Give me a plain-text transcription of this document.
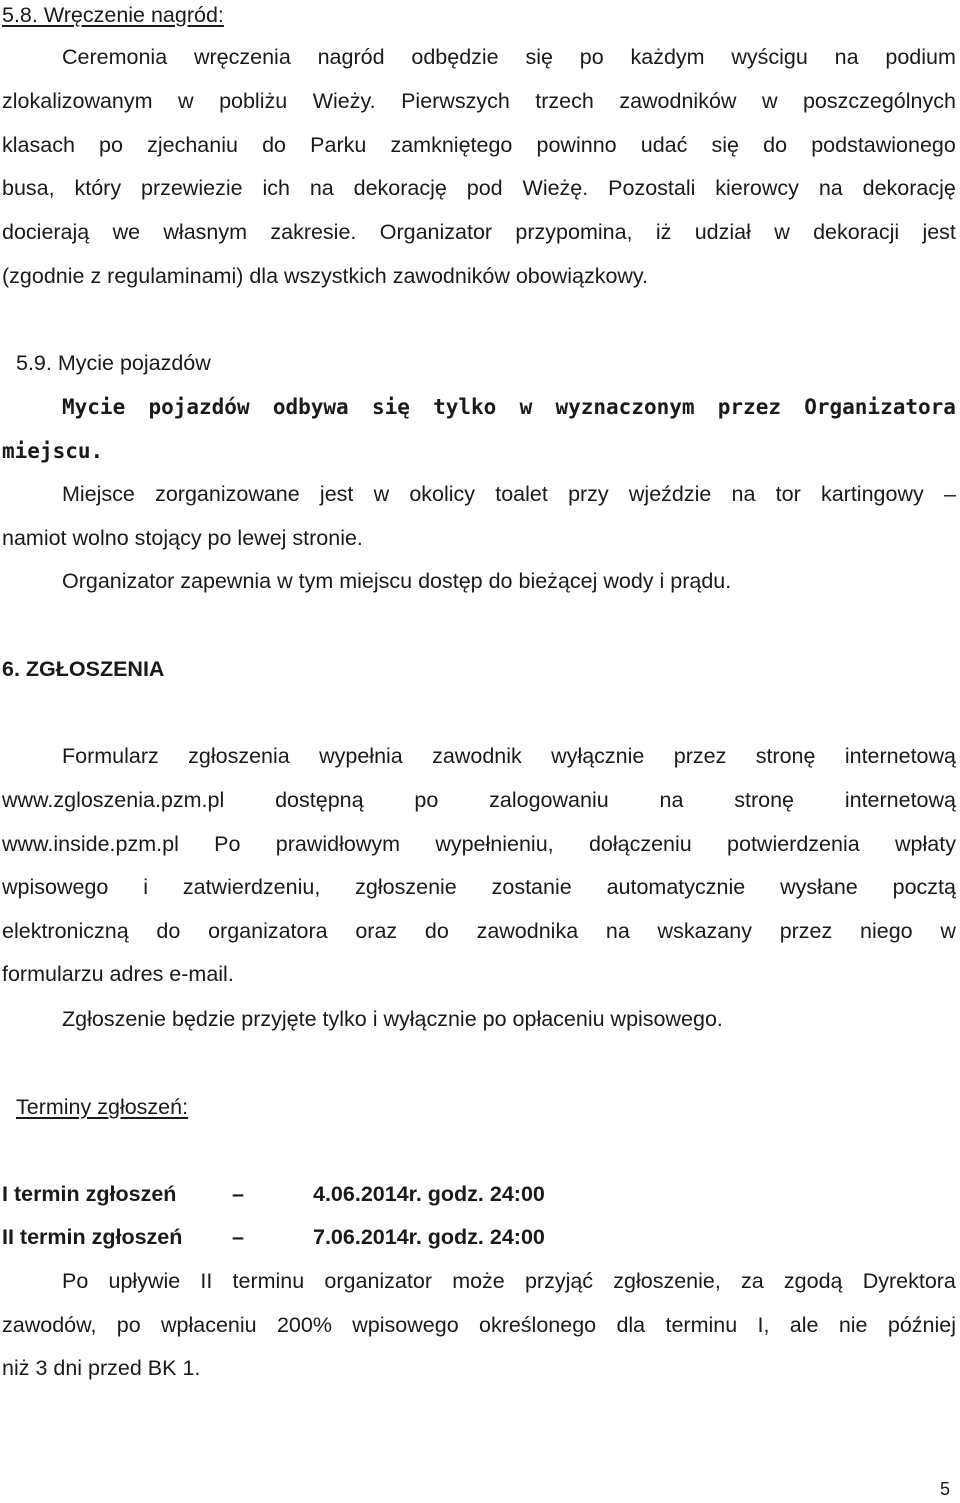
5.8. Wręczenie nagród:
Ceremonia wręczenia nagród odbędzie się po każdym wyścigu na podium
zlokalizowanym w pobliżu Wieży. Pierwszych trzech zawodników w poszczególnych
klasach po zjechaniu do Parku zamkniętego powinno udać się do podstawionego
busa, który przewiezie ich na dekorację pod Wieżę. Pozostali kierowcy na dekorację
docierają we własnym zakresie. Organizator przypomina, iż udział w dekoracji jest
(zgodnie z regulaminami) dla wszystkich zawodników obowiązkowy.
5.9. Mycie pojazdów
Mycie pojazdów odbywa się tylko w wyznaczonym przez Organizatora
miejscu.
Miejsce zorganizowane jest w okolicy toalet przy wjeździe na tor kartingowy –
namiot wolno stojący po lewej stronie.
Organizator zapewnia w tym miejscu dostęp do bieżącej wody i prądu.
6. ZGŁOSZENIA
Formularz zgłoszenia wypełnia zawodnik wyłącznie przez stronę internetową
www.zgloszenia.pzm.pl dostępną po zalogowaniu na stronę internetową
www.inside.pzm.pl Po prawidłowym wypełnieniu, dołączeniu potwierdzenia wpłaty
wpisowego i zatwierdzeniu, zgłoszenie zostanie automatycznie wysłane pocztą
elektroniczną do organizatora oraz do zawodnika na wskazany przez niego w
formularzu adres e-mail.
Zgłoszenie będzie przyjęte tylko i wyłącznie po opłaceniu wpisowego.
Terminy zgłoszeń:
I termin zgłoszeń	–	4.06.2014r. godz. 24:00
II termin zgłoszeń –	7.06.2014r. godz. 24:00
Po upływie II terminu organizator może przyjąć zgłoszenie, za zgodą Dyrektora
zawodów, po wpłaceniu 200% wpisowego określonego dla terminu I, ale nie później
niż 3 dni przed BK 1.
5
